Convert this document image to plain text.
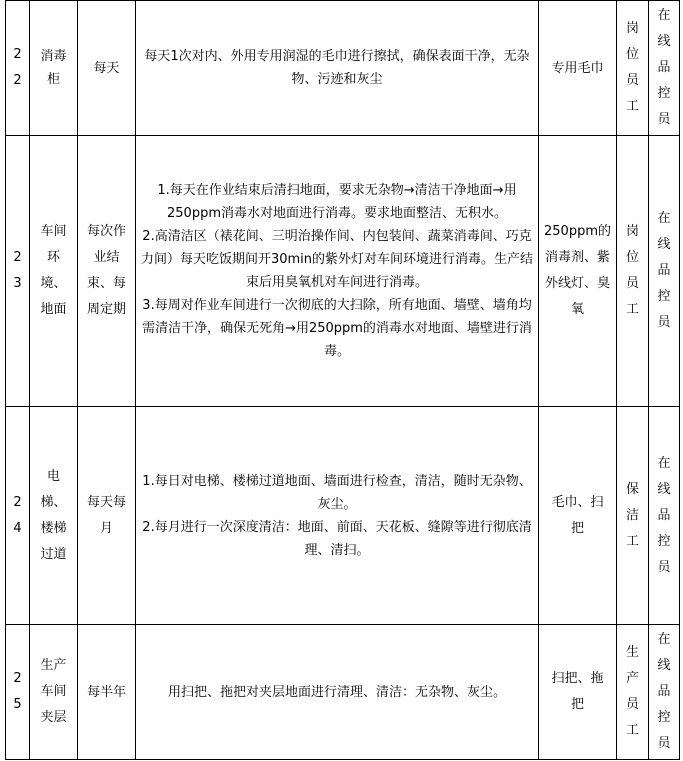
22	消毒柜	每天	每天1次对内、外用专用润湿的毛巾进行擦拭，确保表面干净，无杂物、污迹和灰尘	专用毛巾	岗位员工	在线品控员
23	车间环境、地面	每次作业结束、每周定期	1.每天在作业结束后清扫地面，要求无杂物→清洁干净地面→用250ppm消毒水对地面进行消毒。要求地面整洁、无积水。

2.高清洁区（裱花间、三明治操作间、内包装间、蔬菜消毒间、巧克力间）每天吃饭期间开30min的紫外灯对车间环境进行消毒。生产结束后用臭氧机对车间进行消毒。

3.每周对作业车间进行一次彻底的大扫除，所有地面、墙壁、墙角均需清洁干净，确保无死角→用250ppm的消毒水对地面、墙壁进行消毒。	250ppm的消毒剂、紫外线灯、臭氧	岗位员工	在线品控员
24	电梯、楼梯过道	每天每月	1.每日对电梯、楼梯过道地面、墙面进行检查，清洁，随时无杂物、灰尘。

2.每月进行一次深度清洁：地面、前面、天花板、缝隙等进行彻底清理、清扫。	毛巾、扫把	保洁工	在线品控员
25	生产车间夹层	每半年	用扫把、拖把对夹层地面进行清理、清洁：无杂物、灰尘。	扫把、拖把	生产员工	在线品控员
